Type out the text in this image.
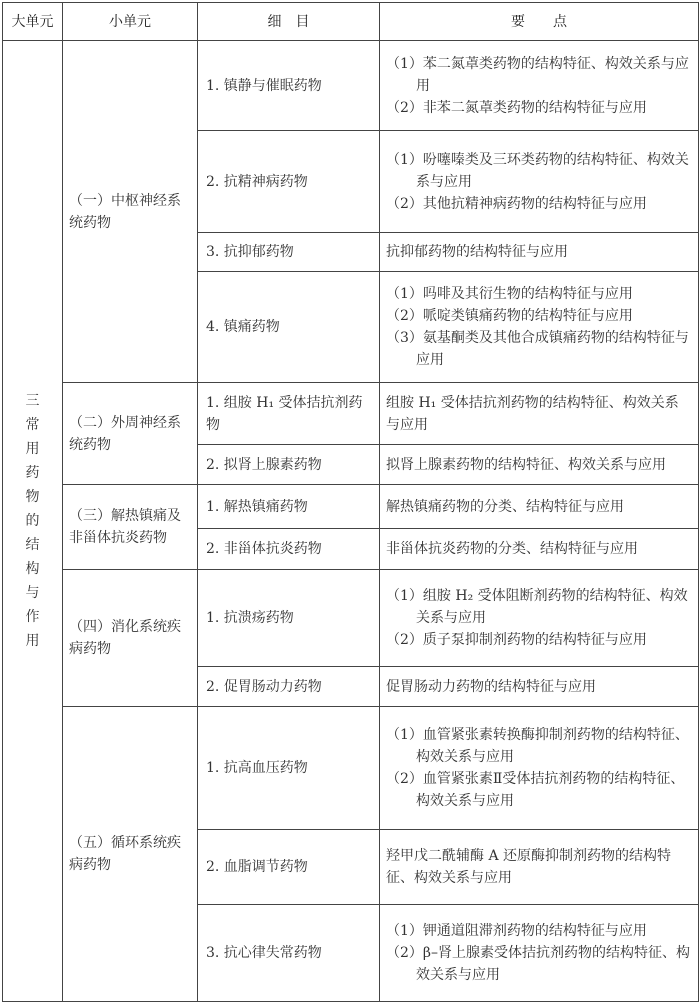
大单元	小单元	细　目	要　　点

三常用药物的结构与作用	（一）中枢神经系统药物	1. 镇静与催眠药物	（1）苯二氮䓬类药物的结构特征、构效关系与应用
（2）非苯二氮䓬类药物的结构特征与应用

		2. 抗精神病药物	（1）吩噻嗪类及三环类药物的结构特征、构效关系与应用
（2）其他抗精神病药物的结构特征与应用

		3. 抗抑郁药物	抗抑郁药物的结构特征与应用

		4. 镇痛药物	（1）吗啡及其衍生物的结构特征与应用
（2）哌啶类镇痛药物的结构特征与应用
（3）氨基酮类及其他合成镇痛药物的结构特征与应用

	（二）外周神经系统药物	1. 组胺 H₁ 受体拮抗剂药物	组胺 H₁ 受体拮抗剂药物的结构特征、构效关系与应用

		2. 拟肾上腺素药物	拟肾上腺素药物的结构特征、构效关系与应用

	（三）解热镇痛及非甾体抗炎药物	1. 解热镇痛药物	解热镇痛药物的分类、结构特征与应用

		2. 非甾体抗炎药物	非甾体抗炎药物的分类、结构特征与应用

	（四）消化系统疾病药物	1. 抗溃疡药物	（1）组胺 H₂ 受体阻断剂药物的结构特征、构效关系与应用
（2）质子泵抑制剂药物的结构特征与应用

		2. 促胃肠动力药物	促胃肠动力药物的结构特征与应用

	（五）循环系统疾病药物	1. 抗高血压药物	（1）血管紧张素转换酶抑制剂药物的结构特征、构效关系与应用
（2）血管紧张素Ⅱ受体拮抗剂药物的结构特征、构效关系与应用

		2. 血脂调节药物	羟甲戊二酰辅酶 A 还原酶抑制剂药物的结构特征、构效关系与应用

		3. 抗心律失常药物	（1）钾通道阻滞剂药物的结构特征与应用
（2）β–肾上腺素受体拮抗剂药物的结构特征、构效关系与应用
